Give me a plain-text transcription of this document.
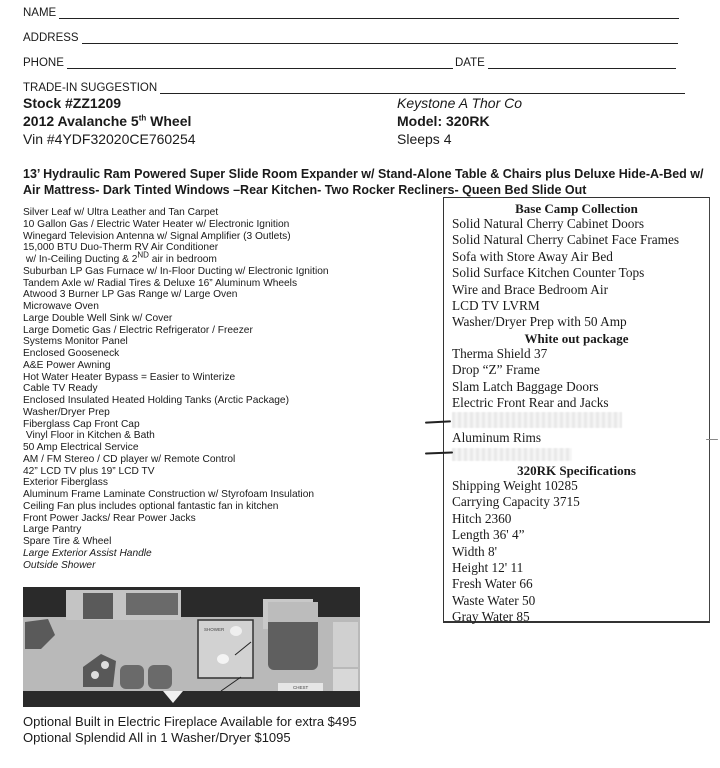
NAME
ADDRESS
PHONE	DATE
TRADE-IN SUGGESTION
Stock #ZZ1209
2012 Avalanche 5th Wheel
Vin #4YDF32020CE760254
Keystone A Thor Co
Model: 320RK
Sleeps 4
13’ Hydraulic Ram Powered Super Slide Room Expander w/ Stand-Alone Table & Chairs plus Deluxe Hide-A-Bed w/ Air Mattress- Dark Tinted Windows –Rear Kitchen- Two Rocker Recliners- Queen Bed Slide Out
Silver Leaf w/ Ultra Leather and Tan Carpet
10 Gallon Gas / Electric Water Heater w/ Electronic Ignition
Winegard Television Antenna w/ Signal Amplifier (3 Outlets)
15,000 BTU Duo-Therm RV Air Conditioner
w/ In-Ceiling Ducting & 2ND air in bedroom
Suburban LP Gas Furnace w/ In-Floor Ducting w/ Electronic Ignition
Tandem Axle w/ Radial Tires & Deluxe 16” Aluminum Wheels
Atwood 3 Burner LP Gas Range w/ Large Oven
Microwave Oven
Large Double Well Sink w/ Cover
Large Dometic Gas / Electric Refrigerator / Freezer
Systems Monitor Panel
Enclosed Gooseneck
A&E Power Awning
Hot Water Heater Bypass = Easier to Winterize
Cable TV Ready
Enclosed Insulated Heated Holding Tanks (Arctic Package)
Washer/Dryer Prep
Fiberglass Cap Front Cap
Vinyl Floor in Kitchen & Bath
50 Amp Electrical Service
AM / FM Stereo / CD player w/ Remote Control
42” LCD TV plus 19” LCD TV
Exterior Fiberglass
Aluminum Frame Laminate Construction w/ Styrofoam Insulation
Ceiling Fan plus includes optional fantastic fan in kitchen
Front Power Jacks/ Rear Power Jacks
Large Pantry
Spare Tire & Wheel
Large Exterior Assist Handle
Outside Shower
Base Camp Collection
Solid Natural Cherry Cabinet Doors
Solid Natural Cherry Cabinet Face Frames
Sofa with Store Away Air Bed
Solid Surface Kitchen Counter Tops
Wire and Brace Bedroom Air
LCD TV LVRM
Washer/Dryer Prep with 50 Amp
White out package
Therma Shield 37
Drop “Z” Frame
Slam Latch Baggage Doors
Electric Front Rear and Jacks
Aluminum Rims
320RK Specifications
Shipping Weight 10285
Carrying Capacity 3715
Hitch 2360
Length 36' 4”
Width 8'
Height 12' 11
Fresh Water 66
Waste Water 50
Gray Water 85
SHOWER
CHEST
Optional Built in Electric Fireplace Available for extra $495
Optional Splendid All in 1 Washer/Dryer $1095
